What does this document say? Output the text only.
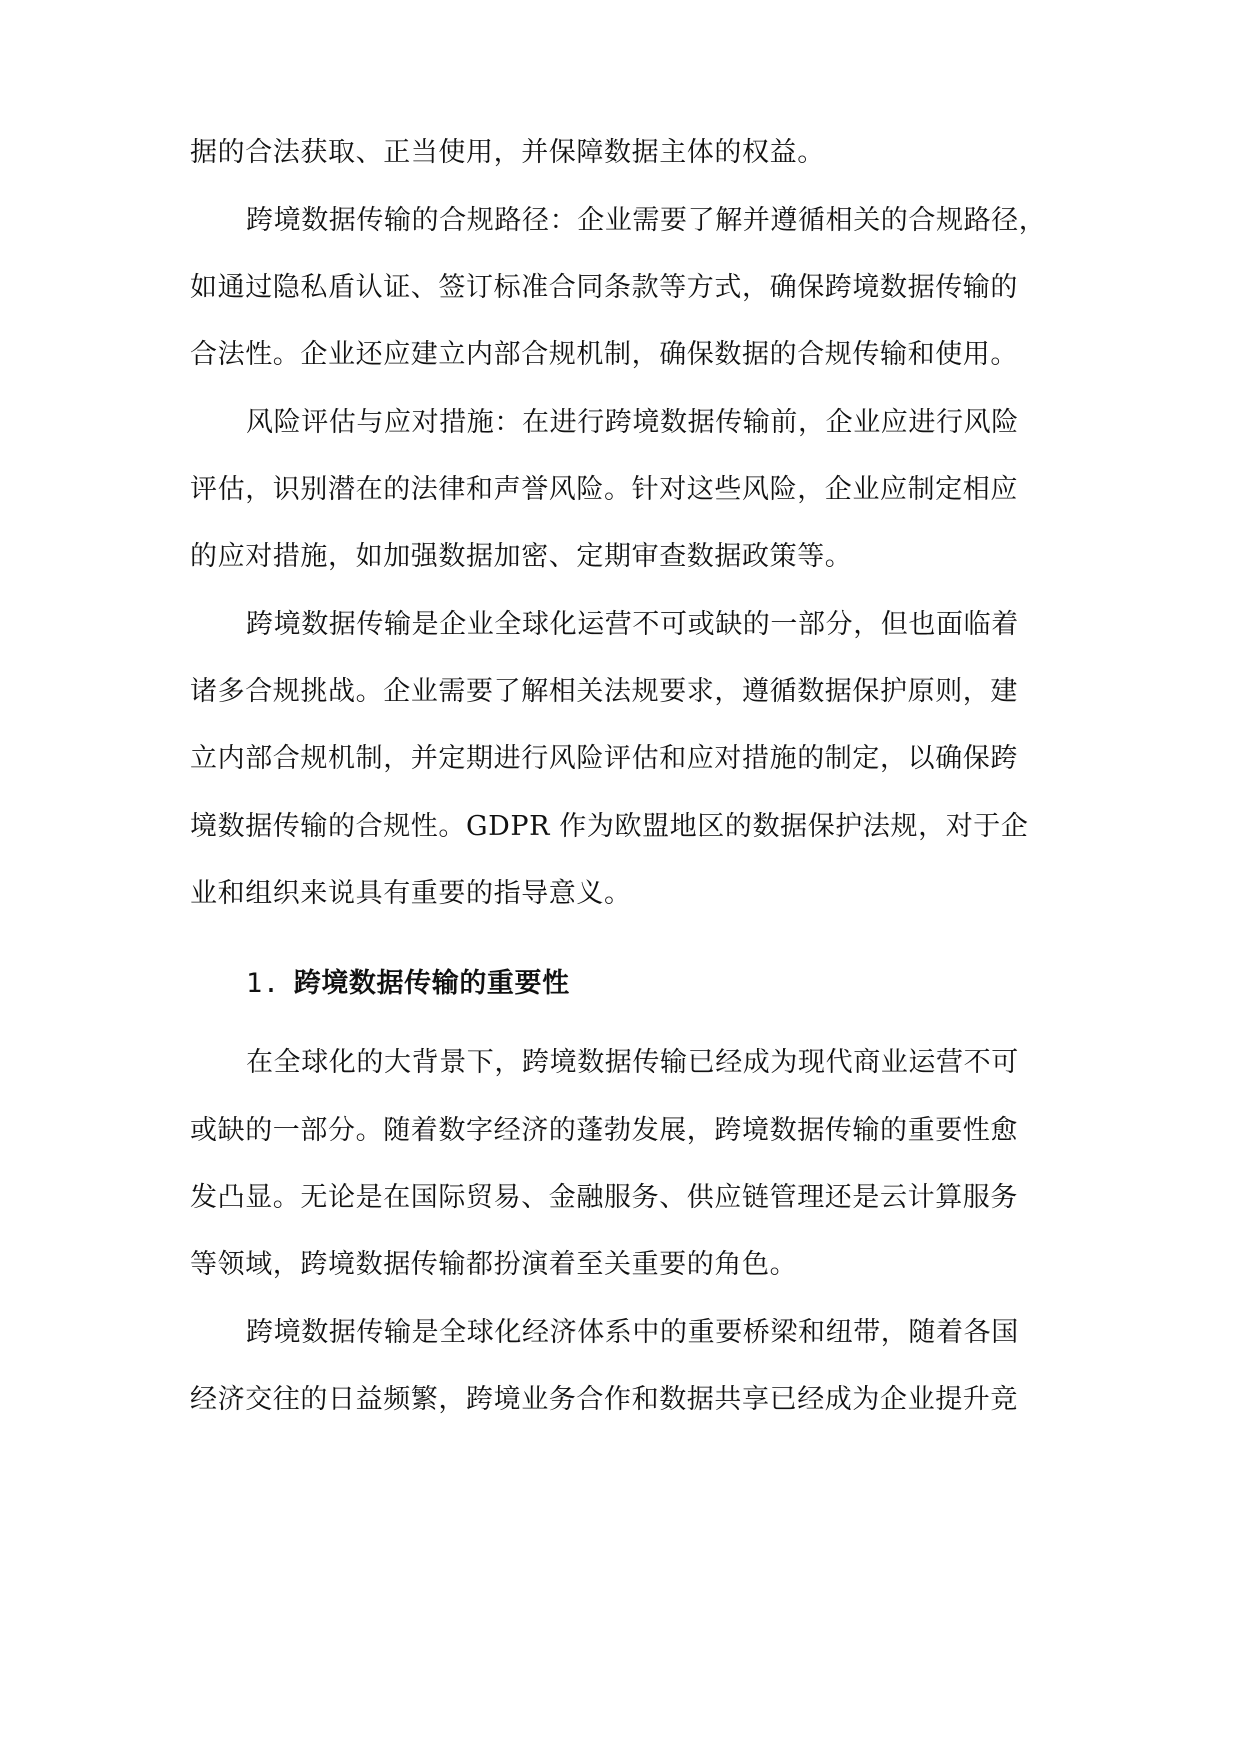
据的合法获取、正当使用，并保障数据主体的权益。
跨境数据传输的合规路径：企业需要了解并遵循相关的合规路径，
如通过隐私盾认证、签订标准合同条款等方式，确保跨境数据传输的
合法性。企业还应建立内部合规机制，确保数据的合规传输和使用。
风险评估与应对措施：在进行跨境数据传输前，企业应进行风险
评估，识别潜在的法律和声誉风险。针对这些风险，企业应制定相应
的应对措施，如加强数据加密、定期审查数据政策等。
跨境数据传输是企业全球化运营不可或缺的一部分，但也面临着
诸多合规挑战。企业需要了解相关法规要求，遵循数据保护原则，建
立内部合规机制，并定期进行风险评估和应对措施的制定，以确保跨
境数据传输的合规性。GDPR 作为欧盟地区的数据保护法规，对于企
业和组织来说具有重要的指导意义。
1. 跨境数据传输的重要性
在全球化的大背景下，跨境数据传输已经成为现代商业运营不可
或缺的一部分。随着数字经济的蓬勃发展，跨境数据传输的重要性愈
发凸显。无论是在国际贸易、金融服务、供应链管理还是云计算服务
等领域，跨境数据传输都扮演着至关重要的角色。
跨境数据传输是全球化经济体系中的重要桥梁和纽带，随着各国
经济交往的日益频繁，跨境业务合作和数据共享已经成为企业提升竞
